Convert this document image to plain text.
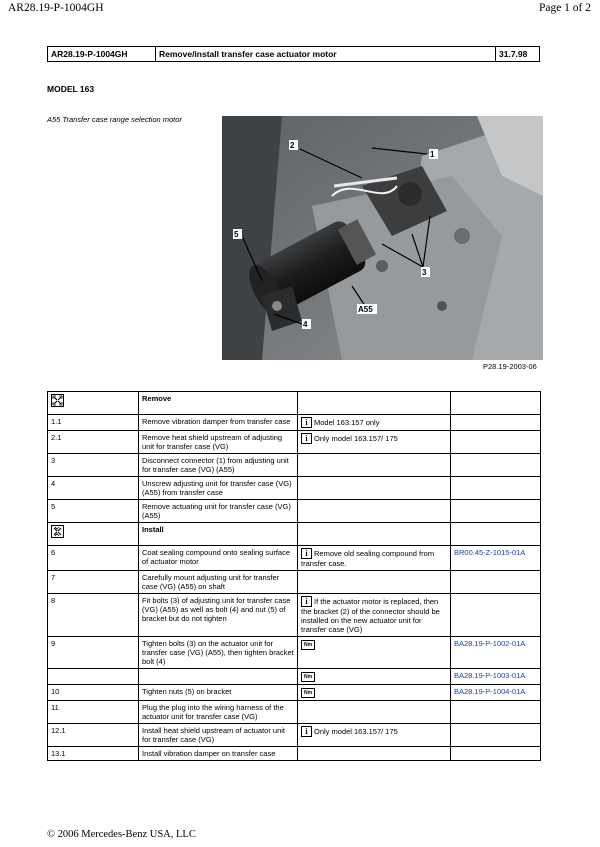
AR28.19-P-1004GH	Page 1 of 2
AR28.19-P-1004GH	Remove/install transfer case actuator motor	31.7.98
MODEL 163
A55 Transfer case range selection motor
2
1
3
4
5
A55
P28.19-2003-06
	Remove		
1.1	Remove vibration damper from transfer case	i Model 163.157 only	
2.1	Remove heat shield upstream of adjusting unit for transfer case (VG)	i Only model 163.157/ 175	
3	Disconnect connector (1) from adjusting unit for transfer case (VG) (A55)		
4	Unscrew adjusting unit for transfer case (VG) (A55) from transfer case		
5	Remove actuating unit for transfer case (VG) (A55)		
	Install		
6	Coat sealing compound onto sealing surface of actuator motor	i Remove old sealing compound from transfer case.	BR00.45-Z-1015-01A
7	Carefully mount adjusting unit for transfer case (VG) (A55) on shaft		
8	Fit bolts (3) of adjusting unit for transfer case (VG) (A55) as well as bolt (4) and nut (5) of bracket but do not tighten	i If the actuator motor is replaced, then the bracket (2) of the connector should be installed on the new actuator unit for transfer case (VG)	
9	Tighten bolts (3) on the actuator unit for transfer case (VG) (A55), then tighten bracket bolt (4)	Nm	BA28.19-P-1002-01A
		Nm	BA28.19-P-1003-01A
10	Tighten nuts (5) on bracket	Nm	BA28.19-P-1004-01A
11	Plug the plug into the wiring harness of the actuator unit for transfer case (VG)		
12.1	Install heat shield upstream of actuator unit for transfer case (VG)	i Only model 163.157/ 175	
13.1	Install vibration damper on transfer case		
© 2006 Mercedes-Benz USA, LLC
